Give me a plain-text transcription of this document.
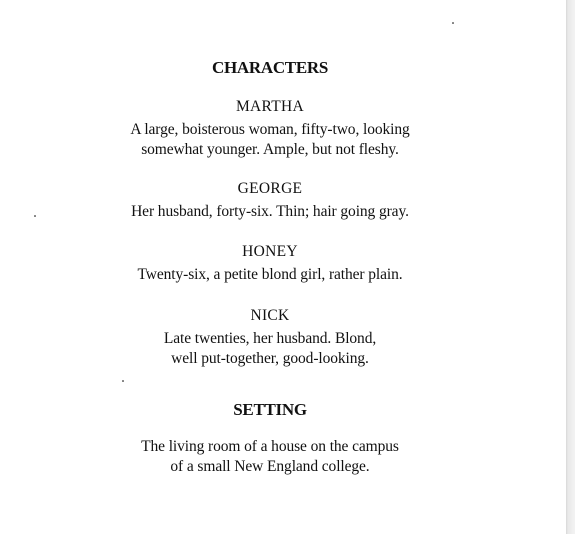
CHARACTERS
MARTHA
A large, boisterous woman, fifty-two, looking
somewhat younger. Ample, but not fleshy.
GEORGE
Her husband, forty-six. Thin; hair going gray.
HONEY
Twenty-six, a petite blond girl, rather plain.
NICK
Late twenties, her husband. Blond,
well put-together, good-looking.
SETTING
The living room of a house on the campus
of a small New England college.
